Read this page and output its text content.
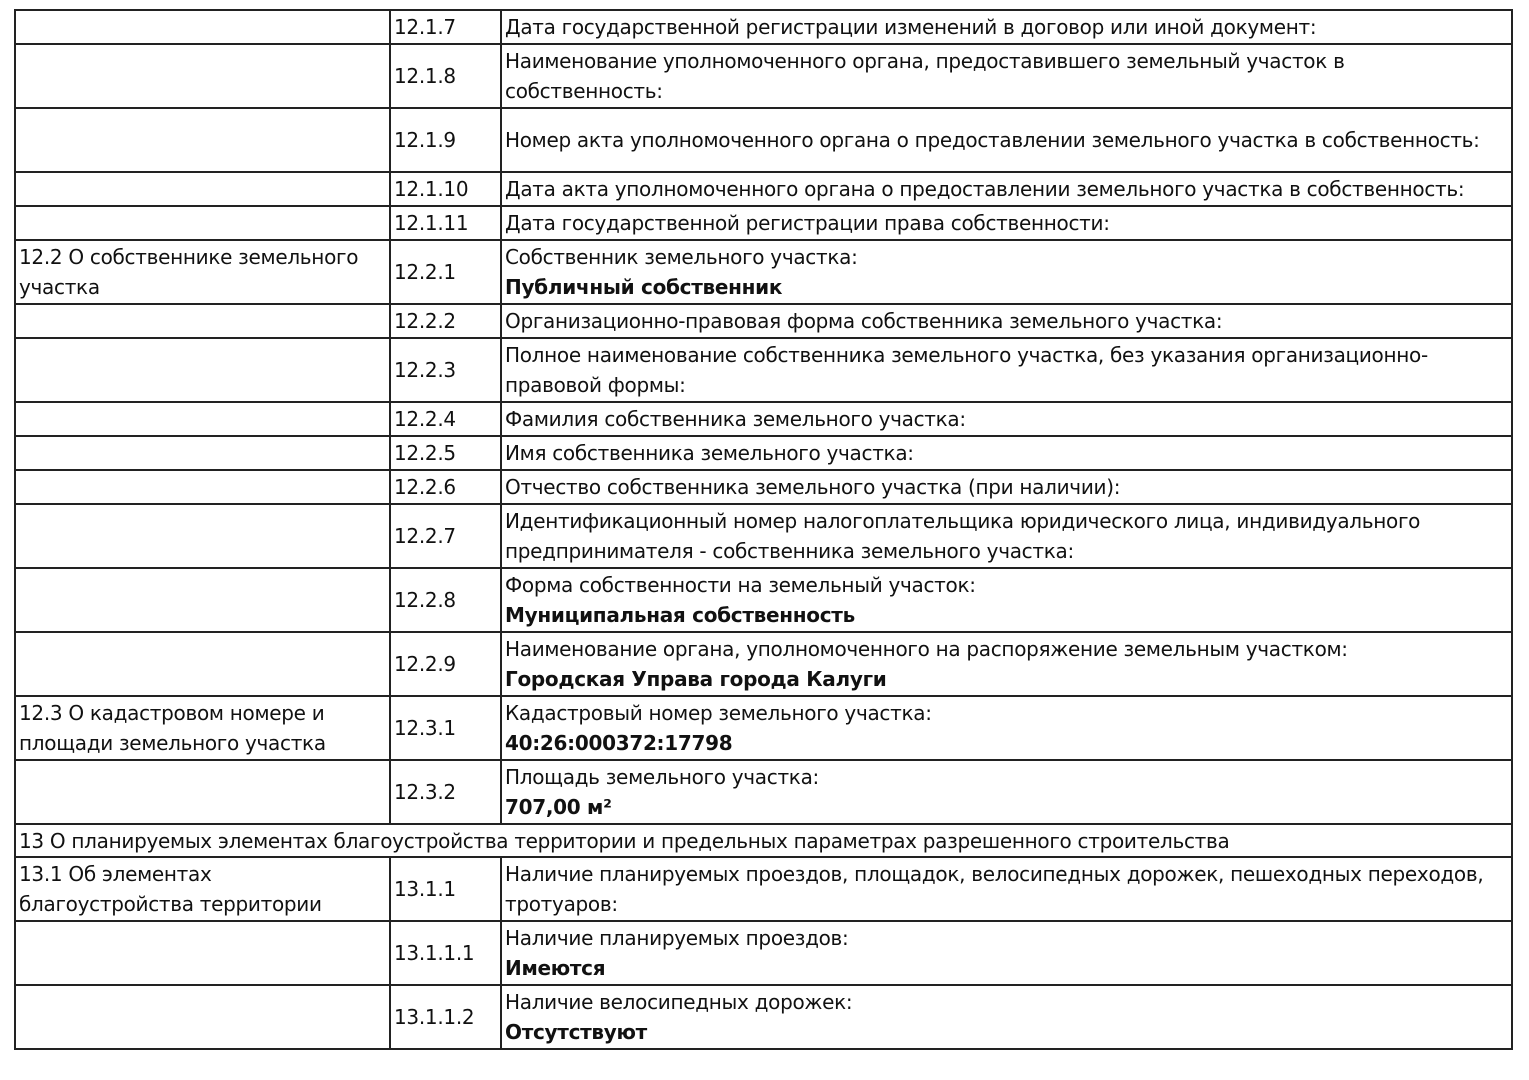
	12.1.7	Дата государственной регистрации изменений в договор или иной документ:

	12.1.8	Наименование уполномоченного органа, предоставившего земельный участок в собственность:

	12.1.9	Номер акта уполномоченного органа о предоставлении земельного участка в собственность:

	12.1.10	Дата акта уполномоченного органа о предоставлении земельного участка в собственность:

	12.1.11	Дата государственной регистрации права собственности:

12.2 О собственнике земельного участка	12.2.1	Собственник земельного участка:
Публичный собственник

	12.2.2	Организационно-правовая форма собственника земельного участка:

	12.2.3	Полное наименование собственника земельного участка, без указания организационно-правовой формы:

	12.2.4	Фамилия собственника земельного участка:

	12.2.5	Имя собственника земельного участка:

	12.2.6	Отчество собственника земельного участка (при наличии):

	12.2.7	Идентификационный номер налогоплательщика юридического лица, индивидуального предпринимателя - собственника земельного участка:

	12.2.8	Форма собственности на земельный участок:
Муниципальная собственность

	12.2.9	Наименование органа, уполномоченного на распоряжение земельным участком:
Городская Управа города Калуги

12.3 О кадастровом номере и площади земельного участка	12.3.1	Кадастровый номер земельного участка:
40:26:000372:17798

	12.3.2	Площадь земельного участка:
707,00 м²

13 О планируемых элементах благоустройства территории и предельных параметрах разрешенного строительства		
13.1 Об элементах благоустройства территории	13.1.1	Наличие планируемых проездов, площадок, велосипедных дорожек, пешеходных переходов, тротуаров:

	13.1.1.1	Наличие планируемых проездов:
Имеются

	13.1.1.2	Наличие велосипедных дорожек:
Отсутствуют
